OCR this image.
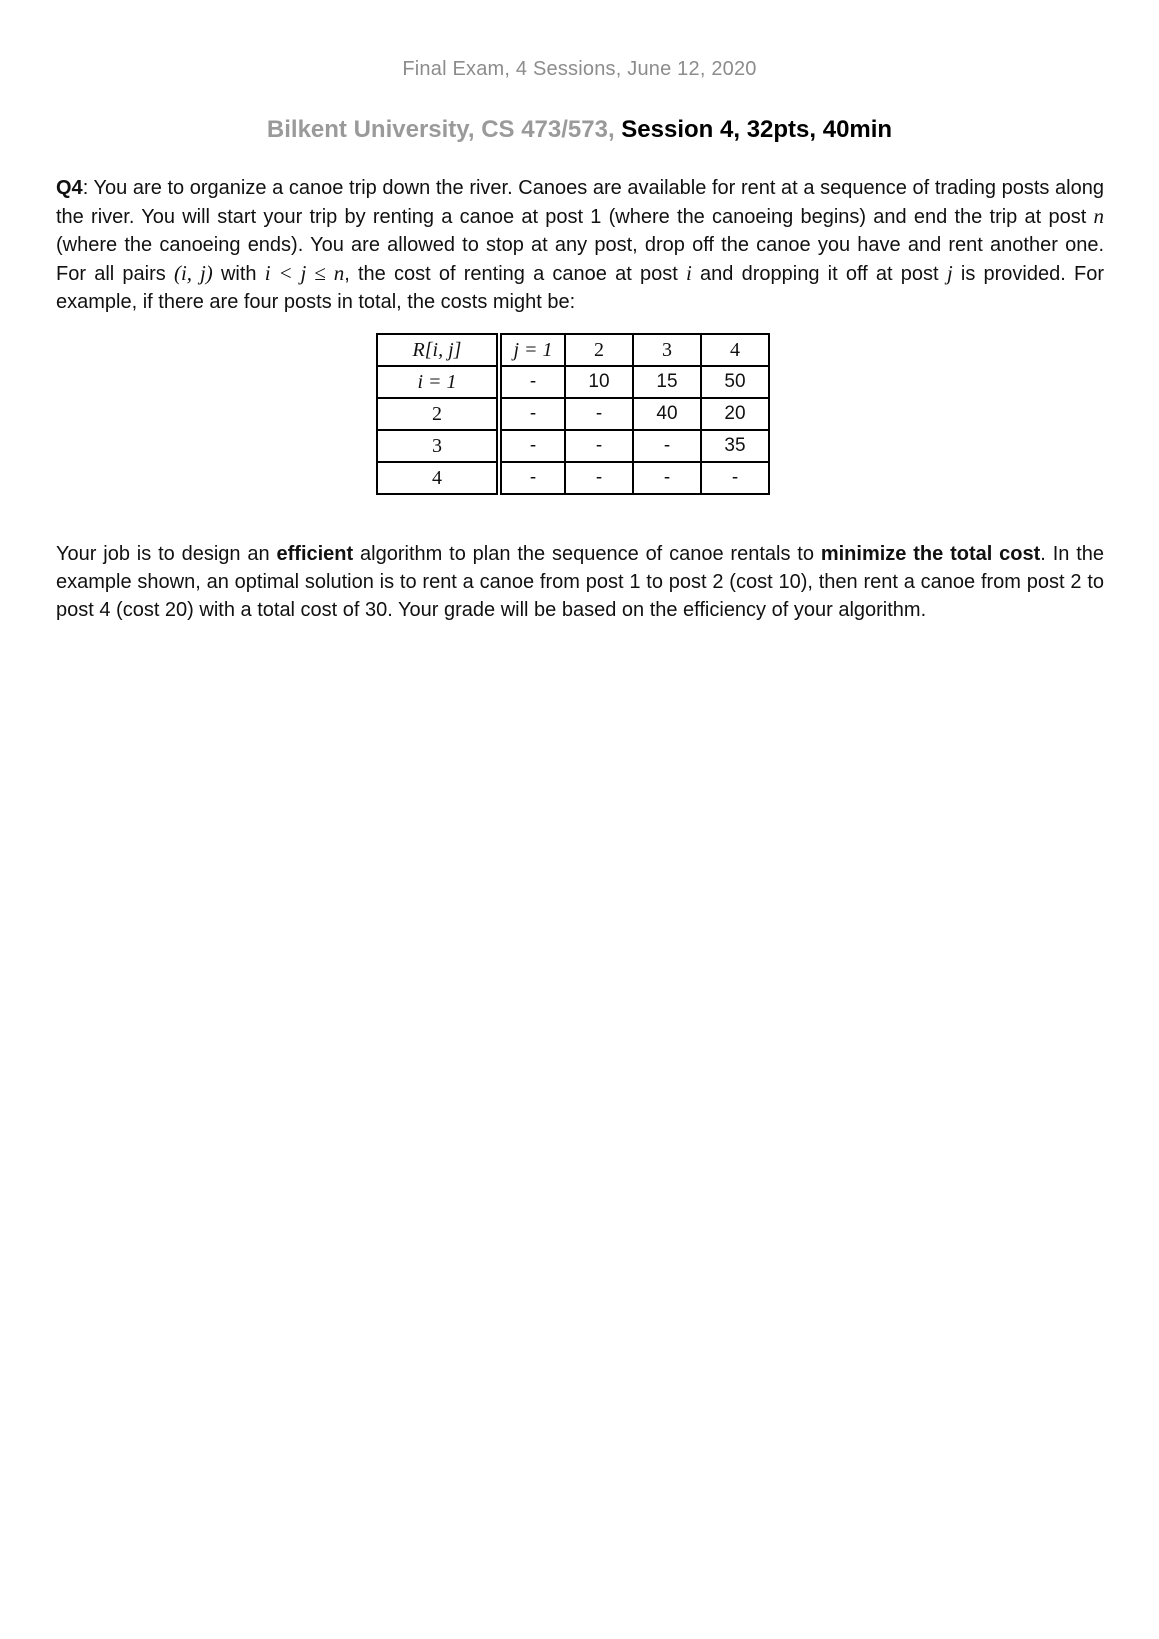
Final Exam, 4 Sessions, June 12, 2020
Bilkent University, CS 473/573, Session 4, 32pts, 40min
Q4: You are to organize a canoe trip down the river. Canoes are available for rent at a sequence of trading posts along the river. You will start your trip by renting a canoe at post 1 (where the canoeing begins) and end the trip at post n (where the canoeing ends). You are allowed to stop at any post, drop off the canoe you have and rent another one. For all pairs (i, j) with i < j ≤ n, the cost of renting a canoe at post i and dropping it off at post j is provided. For example, if there are four posts in total, the costs might be:
R[i, j]	j = 1	2	3	4
i = 1	-	10	15	50
2	-	-	40	20
3	-	-	-	35
4	-	-	-	-
Your job is to design an efficient algorithm to plan the sequence of canoe rentals to minimize the total cost. In the example shown, an optimal solution is to rent a canoe from post 1 to post 2 (cost 10), then rent a canoe from post 2 to post 4 (cost 20) with a total cost of 30. Your grade will be based on the efficiency of your algorithm.
